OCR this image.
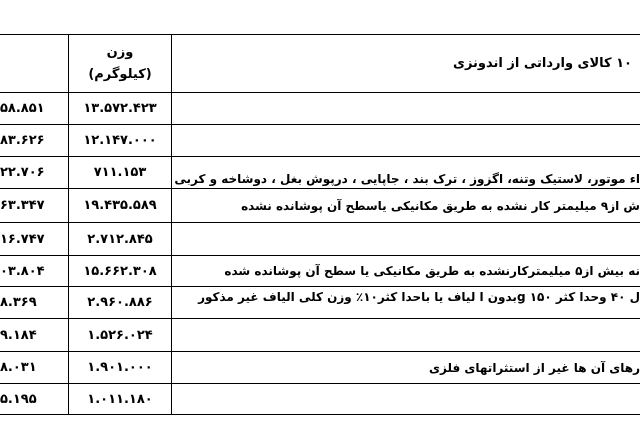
وزن
(کیلوگرم)
۱۰ کالای وارداتی از اندونزی
۵۸.۸۵۱	۱۳.۵۷۲.۴۲۳
۸۳.۶۲۶	۱۲.۱۴۷.۰۰۰
۲۲.۷۰۶	۷۱۱.۱۵۳	اء موتور، لاستیک وتنه، اگزوز ، ترک بند ، جاپایی ، درپوش بغل ، دوشاخه و کربی
۶۳.۳۴۷	۱۹.۴۳۵.۵۸۹	ش از۹ میلیمتر کار نشده به طریق مکانیکی یاسطح آن پوشانده نشده
۱۶.۷۴۷	۲.۷۱۲.۸۴۵
۰۳.۸۰۴	۱۵.۶۶۲.۳۰۸	نه بیش از۵ میلیمترکارنشده به طریق مکانیکی یا سطح آن پوشانده شده
۸.۳۶۹	۲.۹۶۰.۸۸۶	ل ۴۰ وحدا کثر ۱۵۰ gبدون ا لیاف یا باحدا کثر۱۰٪ وزن کلی الیاف غیر مذکور
۹.۱۸۴	۱.۵۲۶.۰۲۴
۸.۰۳۱	۱.۹۰۱.۰۰۰	رهای آن ها غیر از استثراتهای فلزی
۵.۱۹۵	۱.۰۱۱.۱۸۰
